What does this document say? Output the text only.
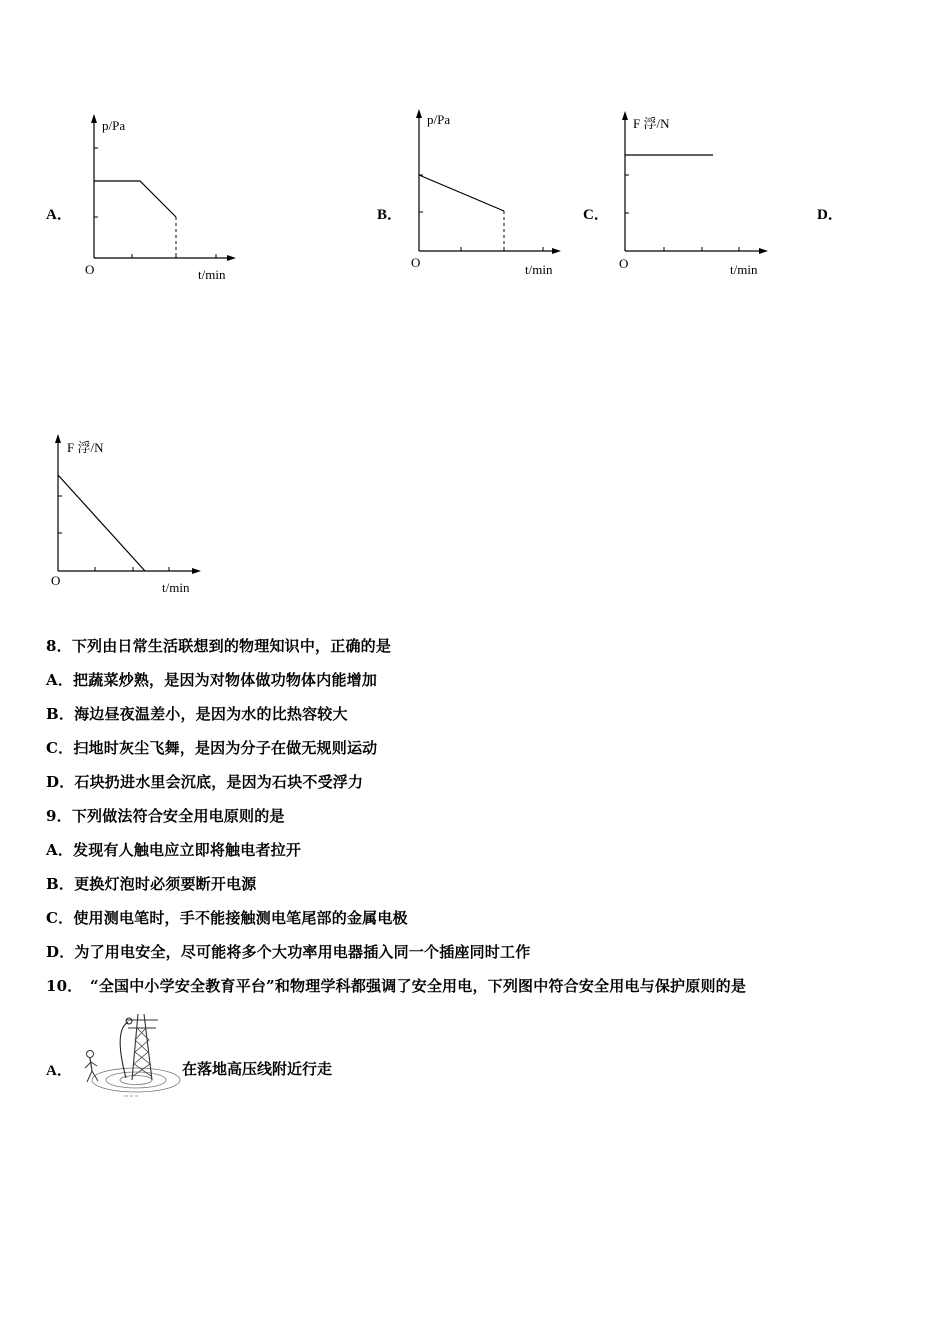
A．	B．	C．	D．
p/Pa
O	t/min
p/Pa
O	t/min
F 浮/N
O	t/min
F 浮/N
O	t/min
8．下列由日常生活联想到的物理知识中，正确的是
A．把蔬菜炒熟，是因为对物体做功物体内能增加
B．海边昼夜温差小，是因为水的比热容较大
C．扫地时灰尘飞舞，是因为分子在做无规则运动
D．石块扔进水里会沉底，是因为石块不受浮力
9．下列做法符合安全用电原则的是
A．发现有人触电应立即将触电者拉开
B．更换灯泡时必须要断开电源
C．使用测电笔时，手不能接触测电笔尾部的金属电极
D．为了用电安全，尽可能将多个大功率用电器插入同一个插座同时工作
10． “全国中小学安全教育平台”和物理学科都强调了安全用电，下列图中符合安全用电与保护原则的是
A．	在落地高压线附近行走
